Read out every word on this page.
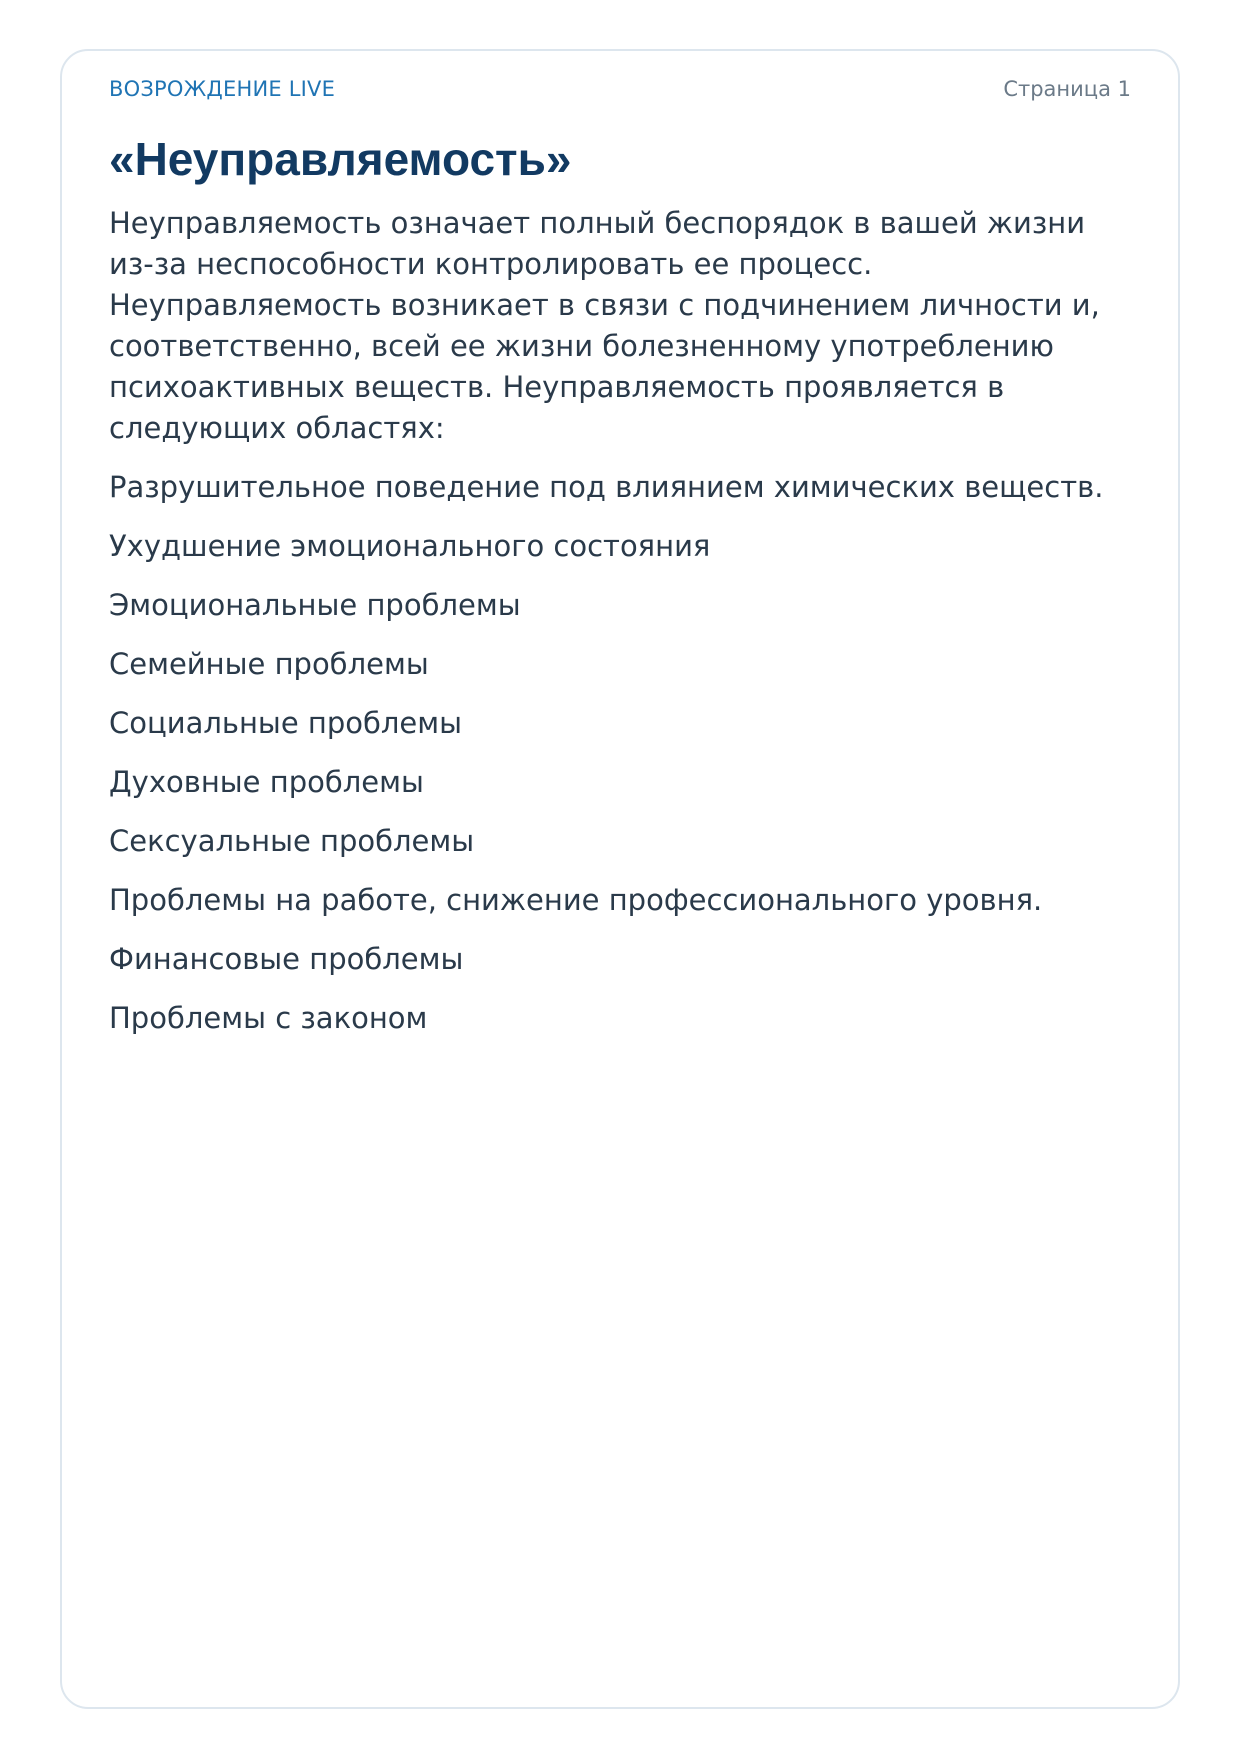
ВОЗРОЖДЕНИЕ LIVE	Страница 1
«Неуправляемость»

Неуправляемость означает полный беспорядок в вашей жизни из-за неспособности контролировать ее процесс. Неуправляемость возникает в связи с подчинением личности и, соответственно, всей ее жизни болезненному употреблению психоактивных веществ. Неуправляемость проявляется в следующих областях:

Разрушительное поведение под влиянием химических веществ.

Ухудшение эмоционального состояния

Эмоциональные проблемы

Семейные проблемы

Социальные проблемы

Духовные проблемы

Сексуальные проблемы

Проблемы на работе, снижение профессионального уровня.

Финансовые проблемы

Проблемы с законом
